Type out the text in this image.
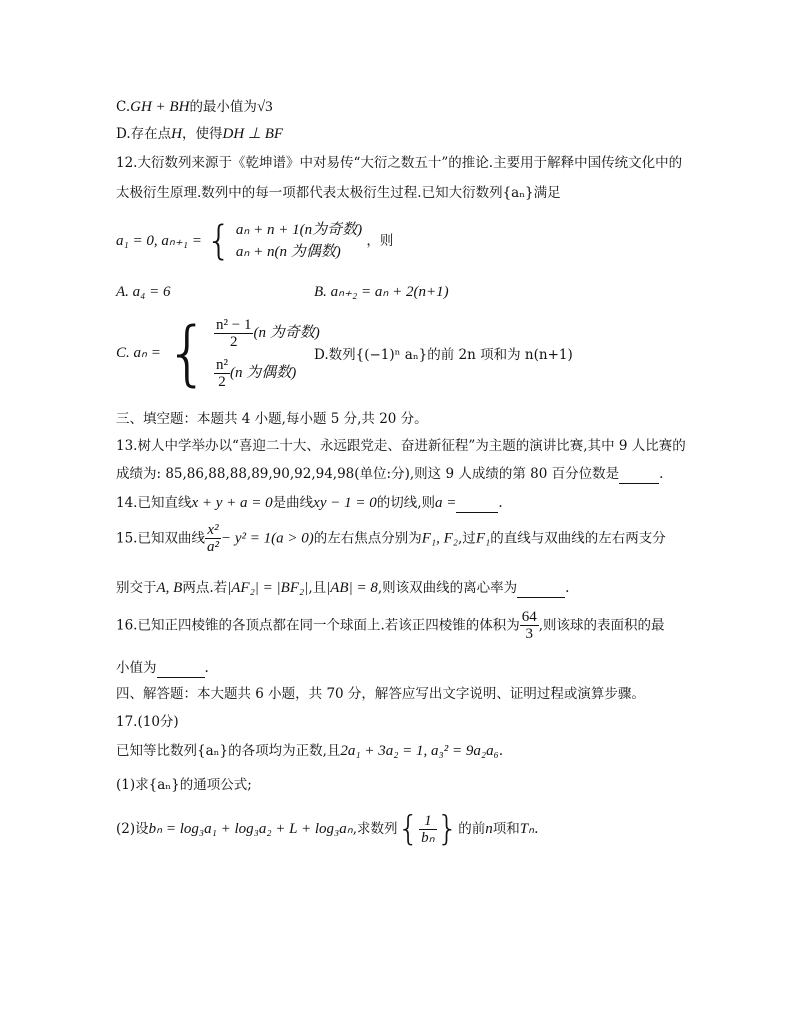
C.GH + BH的最小值为√3
D.存在点H，使得DH ⊥ BF
12.大衍数列来源于《乾坤谱》中对易传“大衍之数五十”的推论.主要用于解释中国传统文化中的
太极衍生原理.数列中的每一项都代表太极衍生过程.已知大衍数列{aₙ}满足
a₁ = 0, aₙ₊₁ = { aₙ + n + 1(n为奇数)
aₙ + n(n 为偶数)
，则
A. a₄ = 6	B. aₙ₊₂ = aₙ + 2(n+1)
C. aₙ = { $\frac{\text{n² − 1}}{2} (n$ 为奇数)
$\frac{\text{n²}}{2} (n$ 为偶数)
D.数列{(−1)ⁿ aₙ}的前 2n 项和为 n(n+1)
三、填空题：本题共 4 小题,每小题 5 分,共 20 分。
13.树人中学举办以“喜迎二十大、永远跟党走、奋进新征程”为主题的演讲比赛,其中 9 人比赛的
成绩为: 85,86,88,88,89,90,92,94,98(单位:分),则这 9 人成绩的第 80 百分位数是	.
14.已知直线x + y + a = 0是曲线xy − 1 = 0的切线,则a =	.
15.已知双曲线 $\frac{\text{x²}}{\text{a²}} - y^2 = 1(a > 0)$的左右焦点分别为F₁, F₂,过F₁的直线与双曲线的左右两支分
别交于A, B两点.若|AF₂| = |BF₂|,且|AB| = 8,则该双曲线的离心率为	.
16.已知正四棱锥的各顶点都在同一个球面上.若该正四棱锥的体积为 $\frac{64}{3}$ ,则该球的表面积的最
小值为	.
四、解答题：本大题共 6 小题，共 70 分，解答应写出文字说明、证明过程或演算步骤。
17.(10分)
已知等比数列{aₙ}的各项均为正数,且2a₁ + 3a₂ = 1, a₃² = 9a₂a₆.
(1)求{aₙ}的通项公式;
(2)设bₙ = log₃a₁ + log₃a₂ + L + log₃aₙ,求数列{ $\frac{1}{\text{bₙ}}$ }的前n项和Tₙ.
